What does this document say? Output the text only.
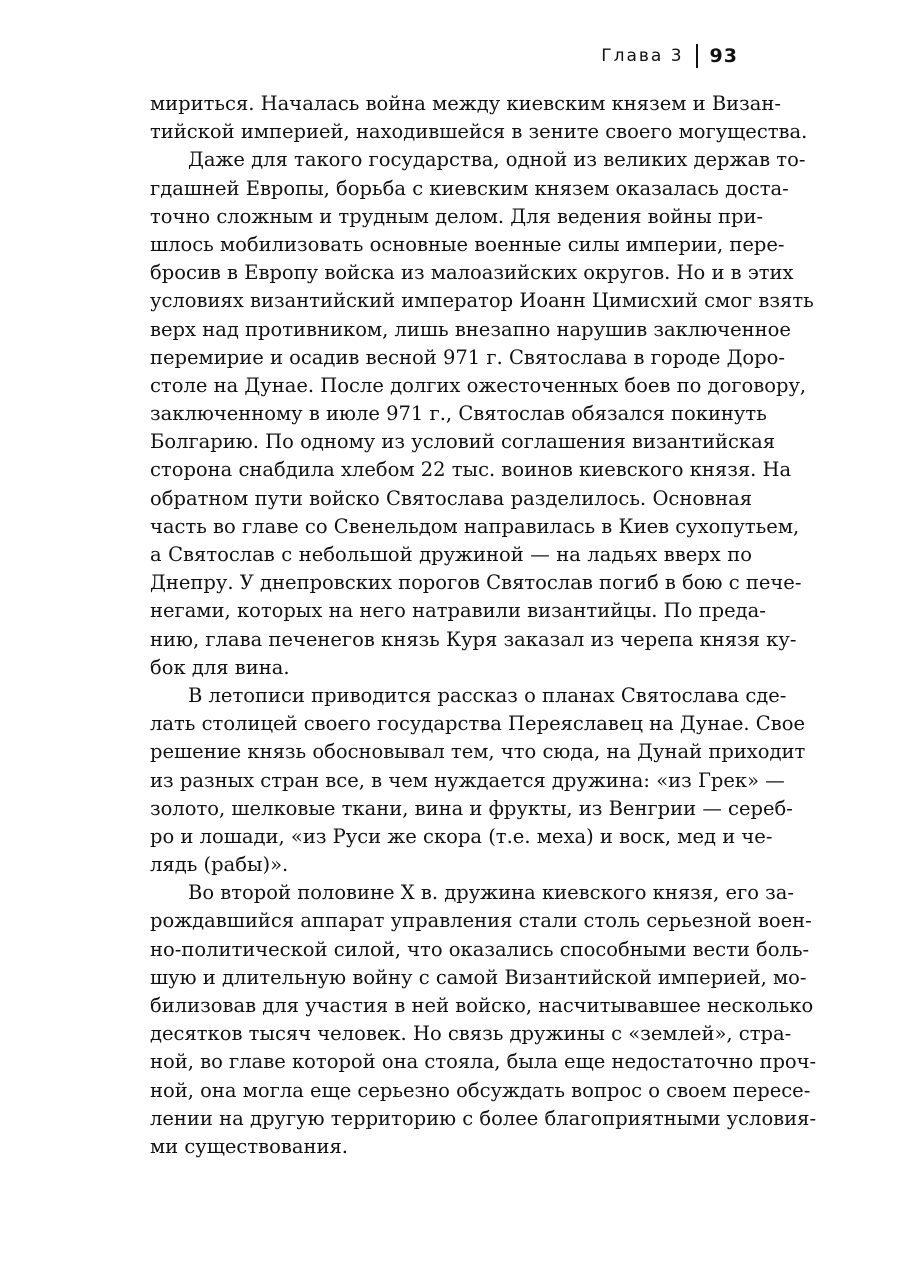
Глава 3 93
мириться. Началась война между киевским князем и Визан-
тийской империей, находившейся в зените своего могущества.
Даже для такого государства, одной из великих держав то-
гдашней Европы, борьба с киевским князем оказалась доста-
точно сложным и трудным делом. Для ведения войны при-
шлось мобилизовать основные военные силы империи, пере-
бросив в Европу войска из малоазийских округов. Но и в этих
условиях византийский император Иоанн Цимисхий смог взять
верх над противником, лишь внезапно нарушив заключенное
перемирие и осадив весной 971 г. Святослава в городе Доро-
столе на Дунае. После долгих ожесточенных боев по договору,
заключенному в июле 971 г., Святослав обязался покинуть
Болгарию. По одному из условий соглашения византийская
сторона снабдила хлебом 22 тыс. воинов киевского князя. На
обратном пути войско Святослава разделилось. Основная
часть во главе со Свенельдом направилась в Киев сухопутьем,
а Святослав с небольшой дружиной — на ладьях вверх по
Днепру. У днепровских порогов Святослав погиб в бою с пече-
негами, которых на него натравили византийцы. По преда-
нию, глава печенегов князь Куря заказал из черепа князя ку-
бок для вина.
В летописи приводится рассказ о планах Святослава сде-
лать столицей своего государства Переяславец на Дунае. Свое
решение князь обосновывал тем, что сюда, на Дунай приходит
из разных стран все, в чем нуждается дружина: «из Грек» —
золото, шелковые ткани, вина и фрукты, из Венгрии — сереб-
ро и лошади, «из Руси же скора (т.е. меха) и воск, мед и че-
лядь (рабы)».
Во второй половине X в. дружина киевского князя, его за-
рождавшийся аппарат управления стали столь серьезной воен-
но-политической силой, что оказались способными вести боль-
шую и длительную войну с самой Византийской империей, мо-
билизовав для участия в ней войско, насчитывавшее несколько
десятков тысяч человек. Но связь дружины с «землей», стра-
ной, во главе которой она стояла, была еще недостаточно проч-
ной, она могла еще серьезно обсуждать вопрос о своем пересе-
лении на другую территорию с более благоприятными условия-
ми существования.
